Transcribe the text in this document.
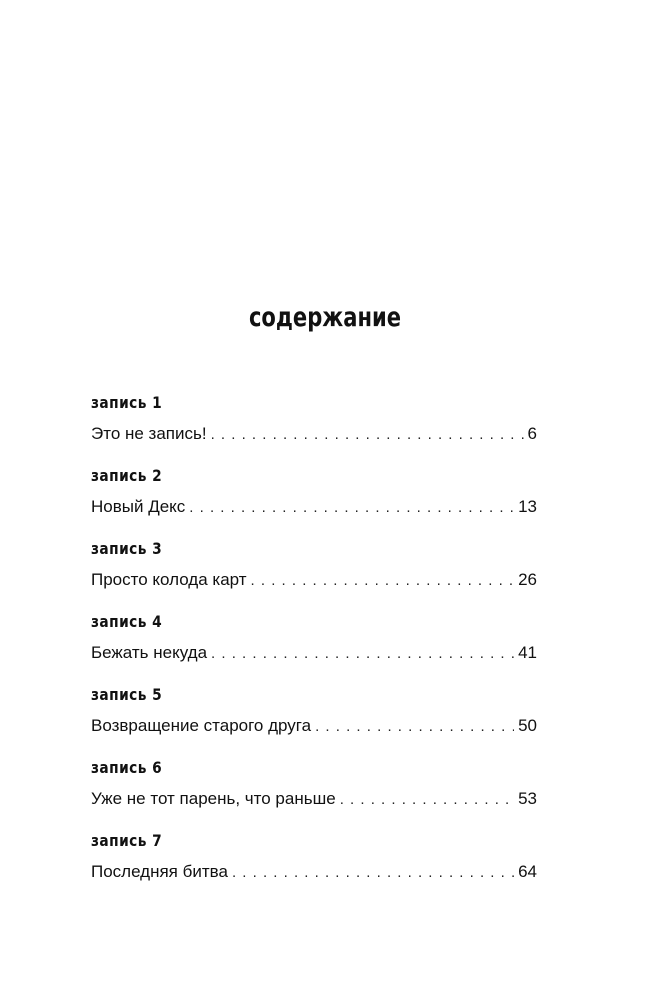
содержание
запись 1
Это не запись! . . .	6
запись 2
Новый Декс . . .	13
запись 3
Просто колода карт . . .	26
запись 4
Бежать некуда . . .	41
запись 5
Возвращение старого друга . . .	50
запись 6
Уже не тот парень, что раньше . . .	53
запись 7
Последняя битва . . .	64
